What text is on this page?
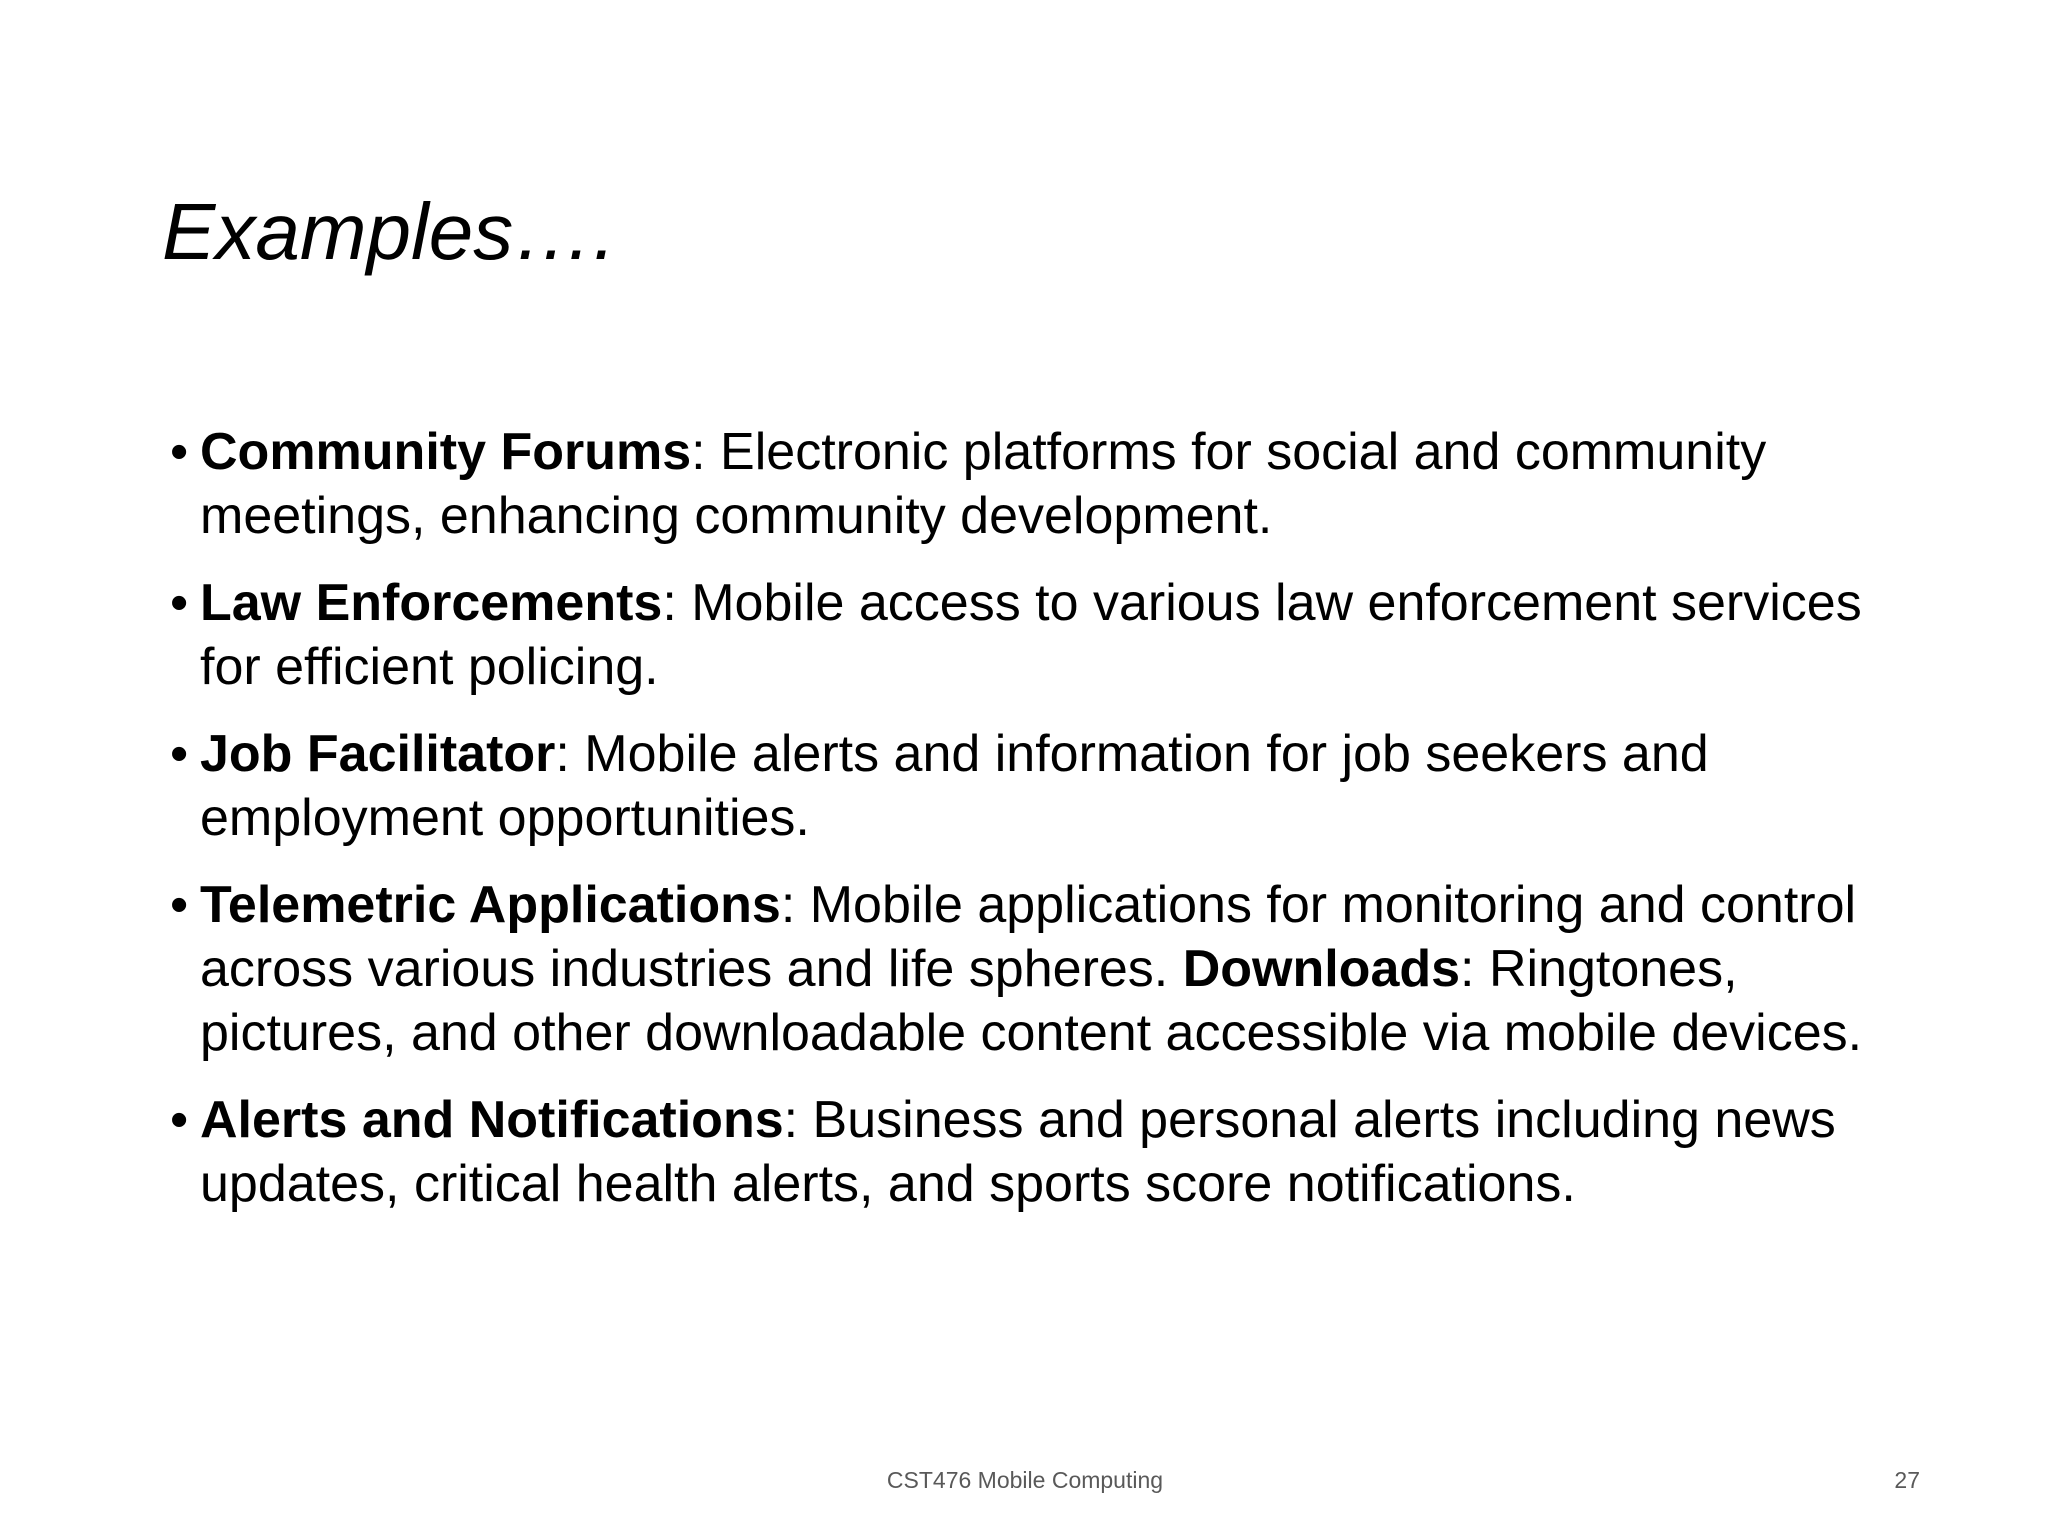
Examples….
• Community Forums: Electronic platforms for social and community meetings, enhancing community development.
• Law Enforcements: Mobile access to various law enforcement services for efficient policing.
• Job Facilitator: Mobile alerts and information for job seekers and employment opportunities.
• Telemetric Applications: Mobile applications for monitoring and control across various industries and life spheres. Downloads: Ringtones, pictures, and other downloadable content accessible via mobile devices.
• Alerts and Notifications: Business and personal alerts including news updates, critical health alerts, and sports score notifications.
CST476 Mobile Computing	27
